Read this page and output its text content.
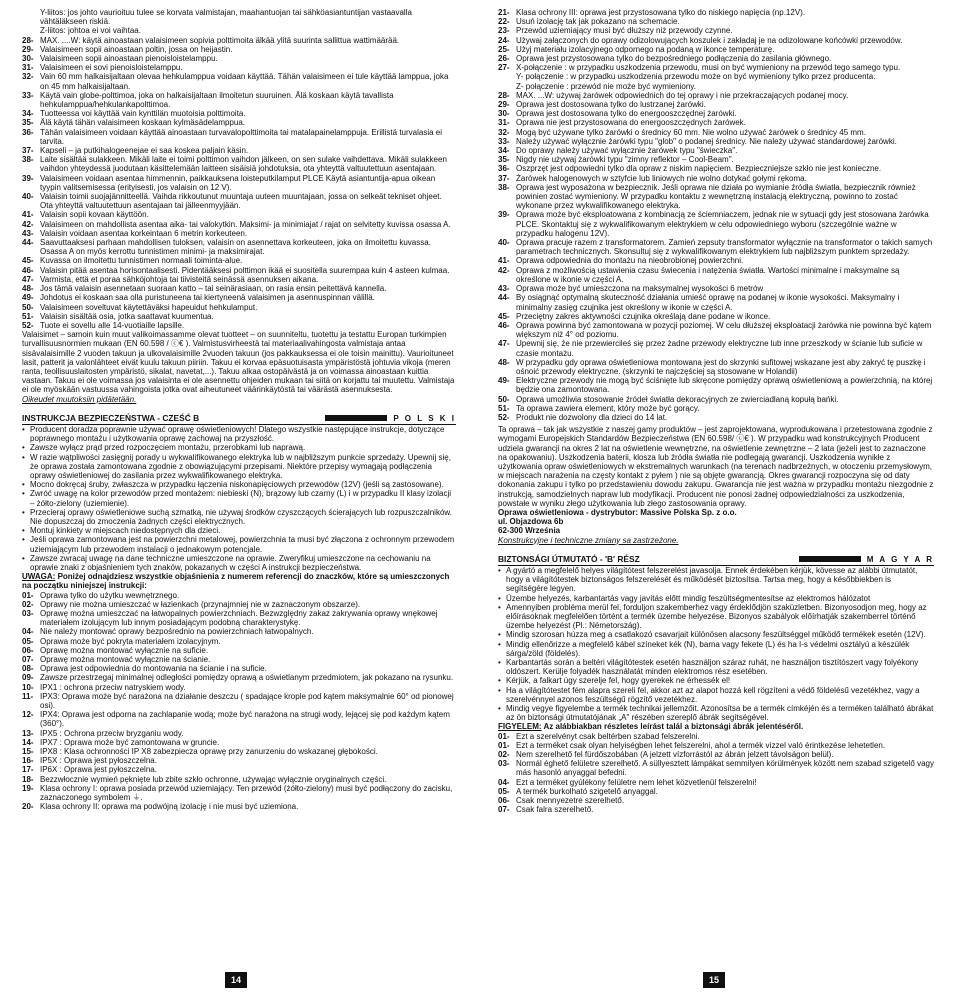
Y-liitos: jos johto vaurioituu tulee se korvata valmistajan, maahantuojan tai sähköasiantuntijan vastaavalla vähtäläkseen riskiä.

Z-liitos: johtoa ei voi vaihtaa.

28- MAX. ....W: käytä ainoastaan valaisimeen sopivia polttimoita älkää ylitä suurinta sallittua wattimäärää.
29- Valaisimeen sopii ainoastaan poltin, jossa on heijastin.
30- Valaisimeen sopii ainoastaan pienoisloistelamppu.
31- Valaisimeen ei sovi pienoisloistelamppu.
32- Vain 60 mm halkaisijaltaan olevaa hehkulamppua voidaan käyttää. Tähän valaisimeen ei tule käyttää lamppua, joka on 45 mm halkaisijaltaan.
33- Käytä vain globe-polttimoa, joka on halkaisijaltaan ilmoitetun suuruinen. Älä koskaan käytä tavallista hehkulamppua/hehkulankapolttimoa.
34- Tuotteessa voi käyttää vain kynttilän muotoisia polttimoita.
35- Älä käytä tähän valaisimeen koskaan kylmäsädelamppua.
36- Tähän valaisimeen voidaan käyttää ainoastaan turvavalopolttimoita tai matalapainelamppuja. Erillistä turvalasia ei tarvita.
37- Kapseli – ja putkihalogeenejae ei saa koskea paljain käsin.
38- Laite sisältää sulakkeen. Mikäli laite ei toimi polttimon vaihdon jälkeen, on sen sulake vaihdettava. Mikäli sulakkeen vaihdon yhteydessä juodutaan käsittelemään laitteen sisäisiä johdotuksia, ota yhteyttä valtuutettuun asentajaan.
39- Valaisimeen voidaan asentaa himmennin, paikkauksena loisteputkilamput PLCE Käytä asiantuntija-apua oikean tyypin valitsemisessa (erityisesti, jos valaisin on 12 V).
40- Valaisin toimii suojajännitteellä. Vaihda rikkoutunut muuntaja uuteen muuntajaan, jossa on selkeät tekniset ohjeet. Ota yhteyttä valtuutettuun asentajaan tai jälleenmyyjään.
41- Valaisin sopii kovaan käyttöön.
42- Valaisimeen on mahdollista asentaa aika- tai valokytkin. Maksimi- ja minimiajat / rajat on selvitetty kuvissa osassa A.
43- Valaisin voidaan asentaa korkeintaan 6 metrin korkeuteen.
44- Saavuttaaksesi parhaan mahdollisen tuloksen, valaisin on asennettava korkeuteen, joka on ilmoitettu kuvassa. Osassa A on myös kerrottu tunnistimen minimi- ja maksimirajat.
45- Kuvassa on ilmoitettu tunnistimen normaali toiminta-alue.
46- Valaisin pitää asentaa horisontaalisesti. Pidentääksesi polttimon ikää ei suositella suurempaa kuin 4 asteen kulmaa.
47- Varmista, että et poraa sähköjohtoja tai tiivisteitä seinässä asennuksen aikana.
48- Jos tämä valaisin asennetaan suoraan katto – tai seinärasiaan, on rasia ensin peitettävä kannella.
49- Johdotus ei koskaan saa olla puristuneena tai kiertyneenä valaisimen ja asennuspinnan välillä.
50- Valaisimeen soveltuvat käytettäväksi hapeuidut hehkulamput.
51- Valaisin sisältää osia, jotka saattavat kuumentua.
52- Tuote ei sovellu alle 14-vuotiaille lapsille.

Valaisimet – samoin kuin muut valikoimassamme olevat tuotteet – on suunniteltu, tuotettu ja testattu Europan turkimpien turvallisuusnormien mukaan (EN 60.598 / ⓒ€ ). Valmistusvirheestä tai materiaalivahingosta valmistaja antaa sisävalaisimille 2 vuoden takuun ja ulkovalaisimille 2vuoden takuun (jos pakkauksessa ei ole toisin mainittu). Vaurioituneet lasit, patterit ja valonlähteet eivät kuulu takuun piiriin. Takuu ei korvaa epäsuotuisasta ympäristöstä johtuvia vikoja (meren ranta, teollisuuslaitosten ympäristö, sikalat, navetat,...). Takuu alkaa ostopäivästä ja on voimassa ainoastaan kuittia vastaan. Takuu ei ole voimassa jos valaisinta ei ole asennettu ohjeiden mukaan tai siitä on korjattu tai muutettu. Valmistaja ei ole myöskään vastuussa vahingoista jotka ovat aiheutuneet väärinkäytöstä tai väärästä asennuksesta.

Oikeudet muutoksiin pidätetään.

INSTRUKCJA BEZPIECZEŃSTWA - CZEŚĆ B	P O L S K I
• Producent doradza poprawnie używać oprawę oświetleniowych! Dlatego wszystkie następujące instrukcje, dotyczące poprawnego montażu i użytkowania oprawę zachowaj na przyszłość.
• Zawsze wyłącz prąd przed rozpoczęciem montażu, przerobkami lub naprawą.
• W razie wątpliwości zasięgnij porady u wykwalifikowanego elektryka lub w najbliższym punkcie sprzedaży. Upewnij się, że oprawa została zamontowana zgodnie z obowiązującymi przepisami. Niektóre przepisy wymagają podłączenia oprawy oświetleniowej do zasilania przez wykwalifikowanego elektryka.
• Mocno dokręcaj śruby, zwłaszcza w przypadku łączenia niskonapięciowych przewodów (12V) (jeśli są zastosowane).
• Zwróć uwagę na kolor przewodów przed montażem: niebieski (N), brązowy lub czarny (L) i w przypadku II klasy izolacji – żółto-zielony (uziemienie).
• Przecieraj oprawy oświetleniowe suchą szmatką, nie używaj środków czyszczących ścierających lub rozpuszczalników. Nie dopuszczaj do zmoczenia żadnych części elektrycznych.
• Montuj kinkiety w miejscach niedostępnych dla dzieci.
• Jeśli oprawa zamontowana jest na powierzchni metalowej, powierzchnia ta musi być złączona z ochronnym przewodem uziemiającym lub przewodem instalacji o jednakowym potencjale.
• Zawsze zwracaj uwagę na dane techniczne umieszczone na oprawie. Zweryfikuj umieszczone na cechowaniu na oprawie znaki z objaśnieniem tych znaków, pokazanych w części A instrukcji bezpieczeństwa.

UWAGA: Poniżej odnajdziesz wszystkie objaśnienia z numerem referencji do znaczków, które są umieszczonych na początku niniejszej instrukcji:

01- Oprawa tylko do użytku wewnętrznego.
02- Oprawy nie można umieszczać w łazienkach (przynajmniej nie w zaznaczonym obszarze).
03- Oprawę można umieszczać na łatwopalnych powierzchniach. Bezwzględny zakaz zakrywania oprawy wnękowej materiałem izolującym lub innym posiadającym podobną charakterystykę.
04- Nie należy montować oprawy bezpośrednio na powierzchniach łatwopalnych.
05- Oprawa może być pokryta materiałem izolacyjnym.
06- Oprawę można montować wyłącznie na suficie.
07- Oprawę można montować wyłącznie na ścianie.
08- Oprawa jest odpowiednia do montowania na ścianie i na suficie.
09- Zawsze przestrzegaj minimalnej odległości pomiędzy oprawą a oświetlanym przedmiotem, jak pokazano na rysunku.
10- IPX1 : ochrona przeciw natryskiem wody.
11- IPX3: Oprawa może być narażona na działanie deszczu ( spadające krople pod kątem maksymalnie 60° od pionowej osi).
12- IPX4: Oprawa jest odporna na zachlapanie wodą; może być narażona na strugi wody, lejącej się pod każdym kątem (360°).
13- IPX5 : Ochrona przeciw bryzganiu wody.
14- IPX7 : Oprawa może być zamontowana w gruncie.
15- IPX8 : Klasa ochronności IP X8 zabezpiecza oprawę przy zanurzeniu do wskazanej głębokości.
16- IP5X : Oprawa jest pyłoszczelna.
17- IP6X : Oprawa jest pyłoszczelna.
18- Bezzwłocznie wymień pęknięte lub zbite szkło ochronne, używając wyłącznie oryginalnych części.
19- Klasa ochrony I: oprawa posiada przewód uziemiający. Ten przewód (żółto-zielony) musi być podłączony do zacisku, zaznaczonego symbolem ⏚.
20- Klasa ochrony II: oprawa ma podwójną izolację i nie musi być uziemiona.
21- Klasa ochrony III: oprawa jest przystosowana tylko do niskiego napięcia (np.12V).
22- Usuń izolację tak jak pokazano na schemacie.
23- Przewód uziemiający musi być dłuższy niż przewody czynne.
24- Używaj załączonych do oprawy odizolowujących koszulek i zakładaj je na odizolowane końcówki przewodów.
25- Użyj materiału izolacyjnego odpornego na podaną w ikonce temperaturę.
26- Oprawa jest przystosowana tylko do bezpośredniego podłączenia do zasilania głównego.
27- X-połączenie : w przypadku uszkodzenia przewodu, musi on być wymieniony na przewód tego samego typu.
Y- połączenie : w przypadku uszkodzenia przewodu może on być wymieniony tylko przez producenta.
Z- połączenie : przewód nie może być wymieniony.
28- MAX. ...W: używaj żarówek odpowiednich do tej oprawy i nie przekraczających podanej mocy.
29- Oprawa jest dostosowana tylko do lustrzanej żarówki.
30- Oprawa jest dostosowana tylko do energooszczędnej żarówki.
31- Oprawa nie jest przystosowana do energooszczędnych żarówek.
32- Mogą być używane tylko żarówki o średnicy 60 mm. Nie wolno używać żarówek o średnicy 45 mm.
33- Należy używać wyłącznie żarówki typu "glob" o podanej średnicy. Nie należy używać standardowej żarówki.
34- Do oprawy należy używać wyłącznie żarówek typu "świeczka".
35- Nigdy nie używaj żarówki typu "zimny reflektor – Cool-Beam".
36- Oszprzęt jest odpowiedni tylko dla opraw z niskim napięciem. Bezpieczniejsze szkło nie jest konieczne.
37- Żarówek halogenowych w sztyfcie lub liniowych nie wolno dotykać gołymi rękoma.
38- Oprawa jest wyposażona w bezpiecznik. Jeśli oprawa nie działa po wymianie źródła światła, bezpiecznik również powinien zostać wymieniony. W przypadku kontaktu z wewnętrzną instalacją elektryczną, powinno to zostać wykonane przez wykwalifikowanego elektryka.
39- Oprawa może być eksploatowana z kombinacją ze ściemniaczem, jednak nie w sytuacji gdy jest stosowana żarówka PLCE. Skontaktuj się z wykwalifikowanym elektrykiem w celu odpowiedniego wyboru (szczególnie ważne w przypadku halogenu 12V).
40- Oprawa pracuje razem z transformatorem. Zamień zepsuty transformator wyłącznie na transformator o takich samych parametrach technicznych. Skonsultuj się z wykwalifikowanym elektrykiem lub najbliższym punktem sprzedaży.
41- Oprawa odpowiednia do montażu na nieobrobionej powierzchni.
42- Oprawa z możliwością ustawienia czasu świecenia i natężenia światła. Wartości minimalne i maksymalne są określone w ikonie w części A.
43- Oprawa może być umieszczona na maksymalnej wysokości 6 metrów
44- By osiągnąć optymalną skuteczność działania umieść oprawę na podanej w ikonie wysokości. Maksymalny i minimalny zasięg czujnika jest określony w ikonie w części A.
45- Przeciętny zakres aktywności czujnika określają dane podane w ikonce.
46- Oprawa powinna być zamontowana w pozycji poziomej. W celu dłuższej eksploatacji żarówka nie powinna być kątem większym niż 4° od poziomu.
47- Upewnij się, że nie przewiercileś się przez żadne przewody elektryczne lub inne przeszkody w ścianie lub suficie w czasie montażu.
48- W przypadku gdy oprawa oświetleniowa montowana jest do skrzynki sufitowej wskazane jest aby zakryć tę puszkę i ośnoić przewody elektryczne. (skrzynki te najczęściej są stosowane w Holandii)
49- Elektryczne przewody nie mogą być ściśnięte lub skręcone pomiędzy oprawą oświetleniową a powierzchnią, na której będzie ona zamontowana.
50- Oprawa umożliwia stosowanie źródeł światła dekoracyjnych ze zwierciadlaną kopułą bańki.
51- Ta oprawa zawiera element, który może być gorący.
52- Produkt nie dozwolony dla dzieci do 14 lat.

Ta oprawa – tak jak wszystkie z naszej gamy produktów – jest zaprojektowana, wyprodukowana i przetestowana zgodnie z wymogami Europejskich Standardów Bezpieczeństwa (EN 60.598/ ⓒ€ ). W przypadku wad konstrukcyjnych Producent udziela gwarancji na okres 2 lat na oświetlenie wewnętrzne, na oświetlenie zewnętrzne – 2 lata (jeżeli jest to zaznaczone na opakowaniu). Uszkodzenia baterii, klosza lub źródła światła nie podlegają gwarancji. Uszkodzenia wynikłe z użytkowania opraw oświetleniowych w ekstremalnych warunkach (na terenach nadbrzeżnych, w otoczeniu przemysłowym, w miejscach narażenia na częsty kontakt z pyłem ) nie są objęte gwarancją. Okres gwarancji rozpoczyna się od daty dokonania zakupu i tylko po przedstawieniu dowodu zakupu. Gwarancja nie jest ważna w przypadku montażu niezgodnie z instrukcją, samodzielnych napraw lub modyfikacji. Producent nie ponosi żadnej odpowiedzialności za uszkodzenia, powstałe w wyniku złego użytkowania lub złego zastosowania oprawy.

Oprawa oświetleniowa - dystrybutor: Massive Polska Sp. z o.o.

ul. Objazdowa 6b

62-300 Września

Konstrukcyjne i techniczne zmiany sa zastrzeżone.

BIZTONSÁGI ÚTMUTATÓ - 'B' RÉSZ	M A G Y A R
• A gyártó a megfelelő helyes világítótest felszerelést javasolja. Ennek érdekében kérjük, kövesse az alábbi útmutatót, hogy a világítótestek biztonságos felszerelését és működését biztosítsa. Tartsa meg, hogy a későbbiekben is segítségére legyen.
• Üzembe helyezés, karbantartás vagy javítás előtt mindig feszültségmentesítse az elektromos hálózatot
• Amennyiben probléma merül fel, forduljon szakemberhez vagy érdeklődjön szaküzletben. Bizonyosodjon meg, hogy az előírásoknak megfelelően történt a termék üzembe helyezése. Bizonyos szabályok előírhatják szakemberrel történő üzembe helyezést (Pl.: Németország).
• Mindig szorosan húzza meg a csatlakozó csavarjait különösen alacsony feszültséggel működő termékek esetén (12V).
• Mindig ellenőrizze a megfelelő kábel színeket kék (N), barna vagy fekete (L) és ha I-s védelmi osztályú a készülék sárga/zöld (földelés).
• Karbantartás során a beltéri világítótestek esetén használjon száraz ruhát, ne használjon tisztítószert vagy folyékony oldószert. Kerülje folyadék használatát minden elektromos rész esetében.
• Kérjük, a falkart úgy szerelje fel, hogy gyerekek ne érhessék el!
• Ha a világítótestet fém alapra szereli fel, akkor azt az alapot hozzá kell rögzíteni a védő földelésű vezetékhez, vagy a szerelvénnyel azonos feszültségű rögzítő vezetékhez.
• Mindig vegye figyelembe a termék technikai jellemzőit. Azonosítsa be a termék címkéjén és a terméken található ábrákat az ön biztonsági útmutatójának „A" részében szereplő ábrák segítségével.

FIGYELEM: Az alábbiakban részletes leírást talál a biztonsági ábrák jelentéséről.

01- Ezt a szerelvényt csak beltérben szabad felszerelni.
01- Ezt a terméket csak olyan helyiségben lehet felszerelni, ahol a termék vízzel való érintkezése lehetetlen.
02- Nem szerelhető fel fürdőszobában (A jelzett vízforrástól az ábrán jelzett távolságon belül).
03- Normál éghető felületre szerelhető. A süllyesztett lámpákat semmilyen körülmények között nem szabad szigetelő vagy más hasonló anyaggal befedni.
04- Ezt a terméket gyúlékony felületre nem lehet közvetlenül felszerelni!
05- A termék burkolható szigetelő anyaggal.
06- Csak mennyezetre szerelhető.
07- Csak falra szerelhető.
14	15
